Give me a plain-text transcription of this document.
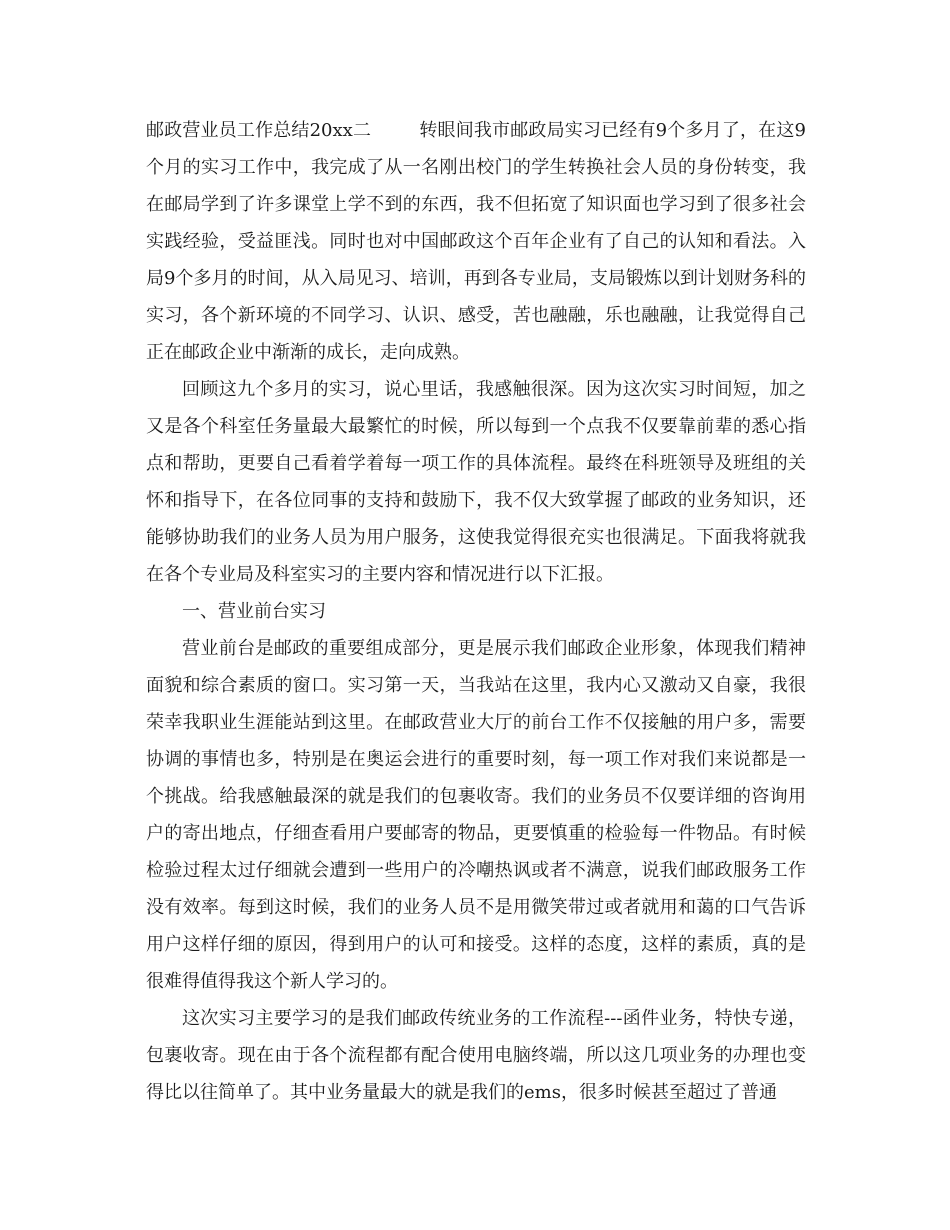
邮政营业员工作总结20xx二	转眼间我市邮政局实习已经有9个多月了，在这9个月的实习工作中，我完成了从一名刚出校门的学生转换社会人员的身份转变，我在邮局学到了许多课堂上学不到的东西，我不但拓宽了知识面也学习到了很多社会实践经验，受益匪浅。同时也对中国邮政这个百年企业有了自己的认知和看法。入局9个多月的时间，从入局见习、培训，再到各专业局，支局锻炼以到计划财务科的实习，各个新环境的不同学习、认识、感受，苦也融融，乐也融融，让我觉得自己正在邮政企业中渐渐的成长，走向成熟。

回顾这九个多月的实习，说心里话，我感触很深。因为这次实习时间短，加之又是各个科室任务量最大最繁忙的时候，所以每到一个点我不仅要靠前辈的悉心指点和帮助，更要自己看着学着每一项工作的具体流程。最终在科班领导及班组的关怀和指导下，在各位同事的支持和鼓励下，我不仅大致掌握了邮政的业务知识，还能够协助我们的业务人员为用户服务，这使我觉得很充实也很满足。下面我将就我在各个专业局及科室实习的主要内容和情况进行以下汇报。

一、营业前台实习

营业前台是邮政的重要组成部分，更是展示我们邮政企业形象，体现我们精神面貌和综合素质的窗口。实习第一天，当我站在这里，我内心又激动又自豪，我很荣幸我职业生涯能站到这里。在邮政营业大厅的前台工作不仅接触的用户多，需要协调的事情也多，特别是在奥运会进行的重要时刻，每一项工作对我们来说都是一个挑战。给我感触最深的就是我们的包裹收寄。我们的业务员不仅要详细的咨询用户的寄出地点，仔细查看用户要邮寄的物品，更要慎重的检验每一件物品。有时候检验过程太过仔细就会遭到一些用户的冷嘲热讽或者不满意，说我们邮政服务工作没有效率。每到这时候，我们的业务人员不是用微笑带过或者就用和蔼的口气告诉用户这样仔细的原因，得到用户的认可和接受。这样的态度，这样的素质，真的是很难得值得我这个新人学习的。

这次实习主要学习的是我们邮政传统业务的工作流程---函件业务，特快专递，包裹收寄。现在由于各个流程都有配合使用电脑终端，所以这几项业务的办理也变得比以往简单了。其中业务量最大的就是我们的ems，很多时候甚至超过了普通
